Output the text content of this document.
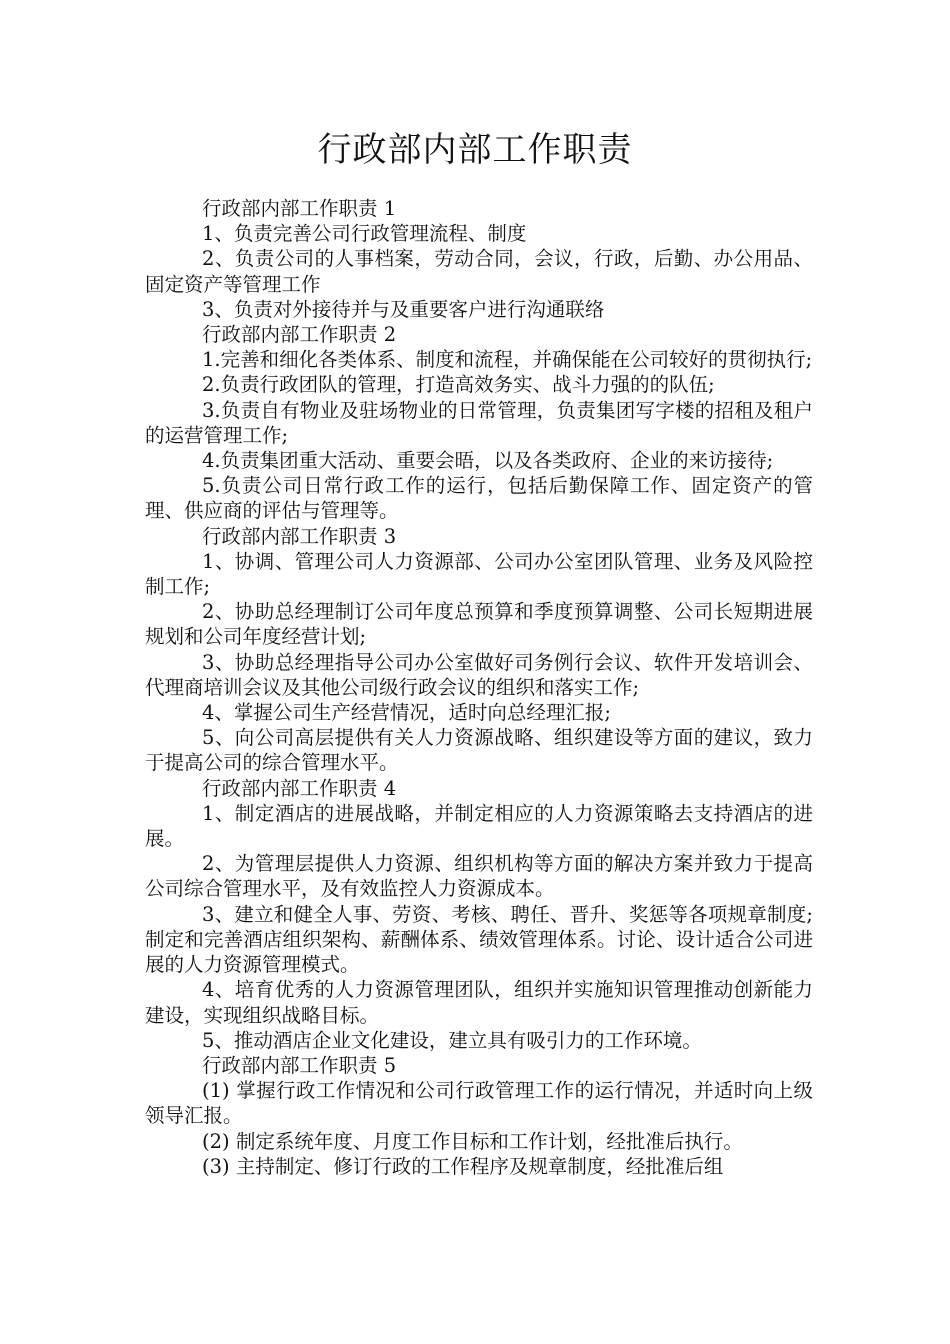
行政部内部工作职责

行政部内部工作职责 1

1、负责完善公司行政管理流程、制度

2、负责公司的人事档案，劳动合同，会议，行政，后勤、办公用品、固定资产等管理工作

3、负责对外接待并与及重要客户进行沟通联络

行政部内部工作职责 2

1.完善和细化各类体系、制度和流程，并确保能在公司较好的贯彻执行;

2.负责行政团队的管理，打造高效务实、战斗力强的的队伍;

3.负责自有物业及驻场物业的日常管理，负责集团写字楼的招租及租户的运营管理工作;

4.负责集团重大活动、重要会晤，以及各类政府、企业的来访接待;

5.负责公司日常行政工作的运行，包括后勤保障工作、固定资产的管理、供应商的评估与管理等。

行政部内部工作职责 3

1、协调、管理公司人力资源部、公司办公室团队管理、业务及风险控制工作;

2、协助总经理制订公司年度总预算和季度预算调整、公司长短期进展规划和公司年度经营计划;

3、协助总经理指导公司办公室做好司务例行会议、软件开发培训会、代理商培训会议及其他公司级行政会议的组织和落实工作;

4、掌握公司生产经营情况，适时向总经理汇报;

5、向公司高层提供有关人力资源战略、组织建设等方面的建议，致力于提高公司的综合管理水平。

行政部内部工作职责 4

1、制定酒店的进展战略，并制定相应的人力资源策略去支持酒店的进展。

2、为管理层提供人力资源、组织机构等方面的解决方案并致力于提高公司综合管理水平，及有效监控人力资源成本。

3、建立和健全人事、劳资、考核、聘任、晋升、奖惩等各项规章制度;制定和完善酒店组织架构、薪酬体系、绩效管理体系。讨论、设计适合公司进展的人力资源管理模式。

4、培育优秀的人力资源管理团队，组织并实施知识管理推动创新能力建设，实现组织战略目标。

5、推动酒店企业文化建设，建立具有吸引力的工作环境。

行政部内部工作职责 5

(1) 掌握行政工作情况和公司行政管理工作的运行情况，并适时向上级领导汇报。

(2) 制定系统年度、月度工作目标和工作计划，经批准后执行。

(3) 主持制定、修订行政的工作程序及规章制度，经批准后组
